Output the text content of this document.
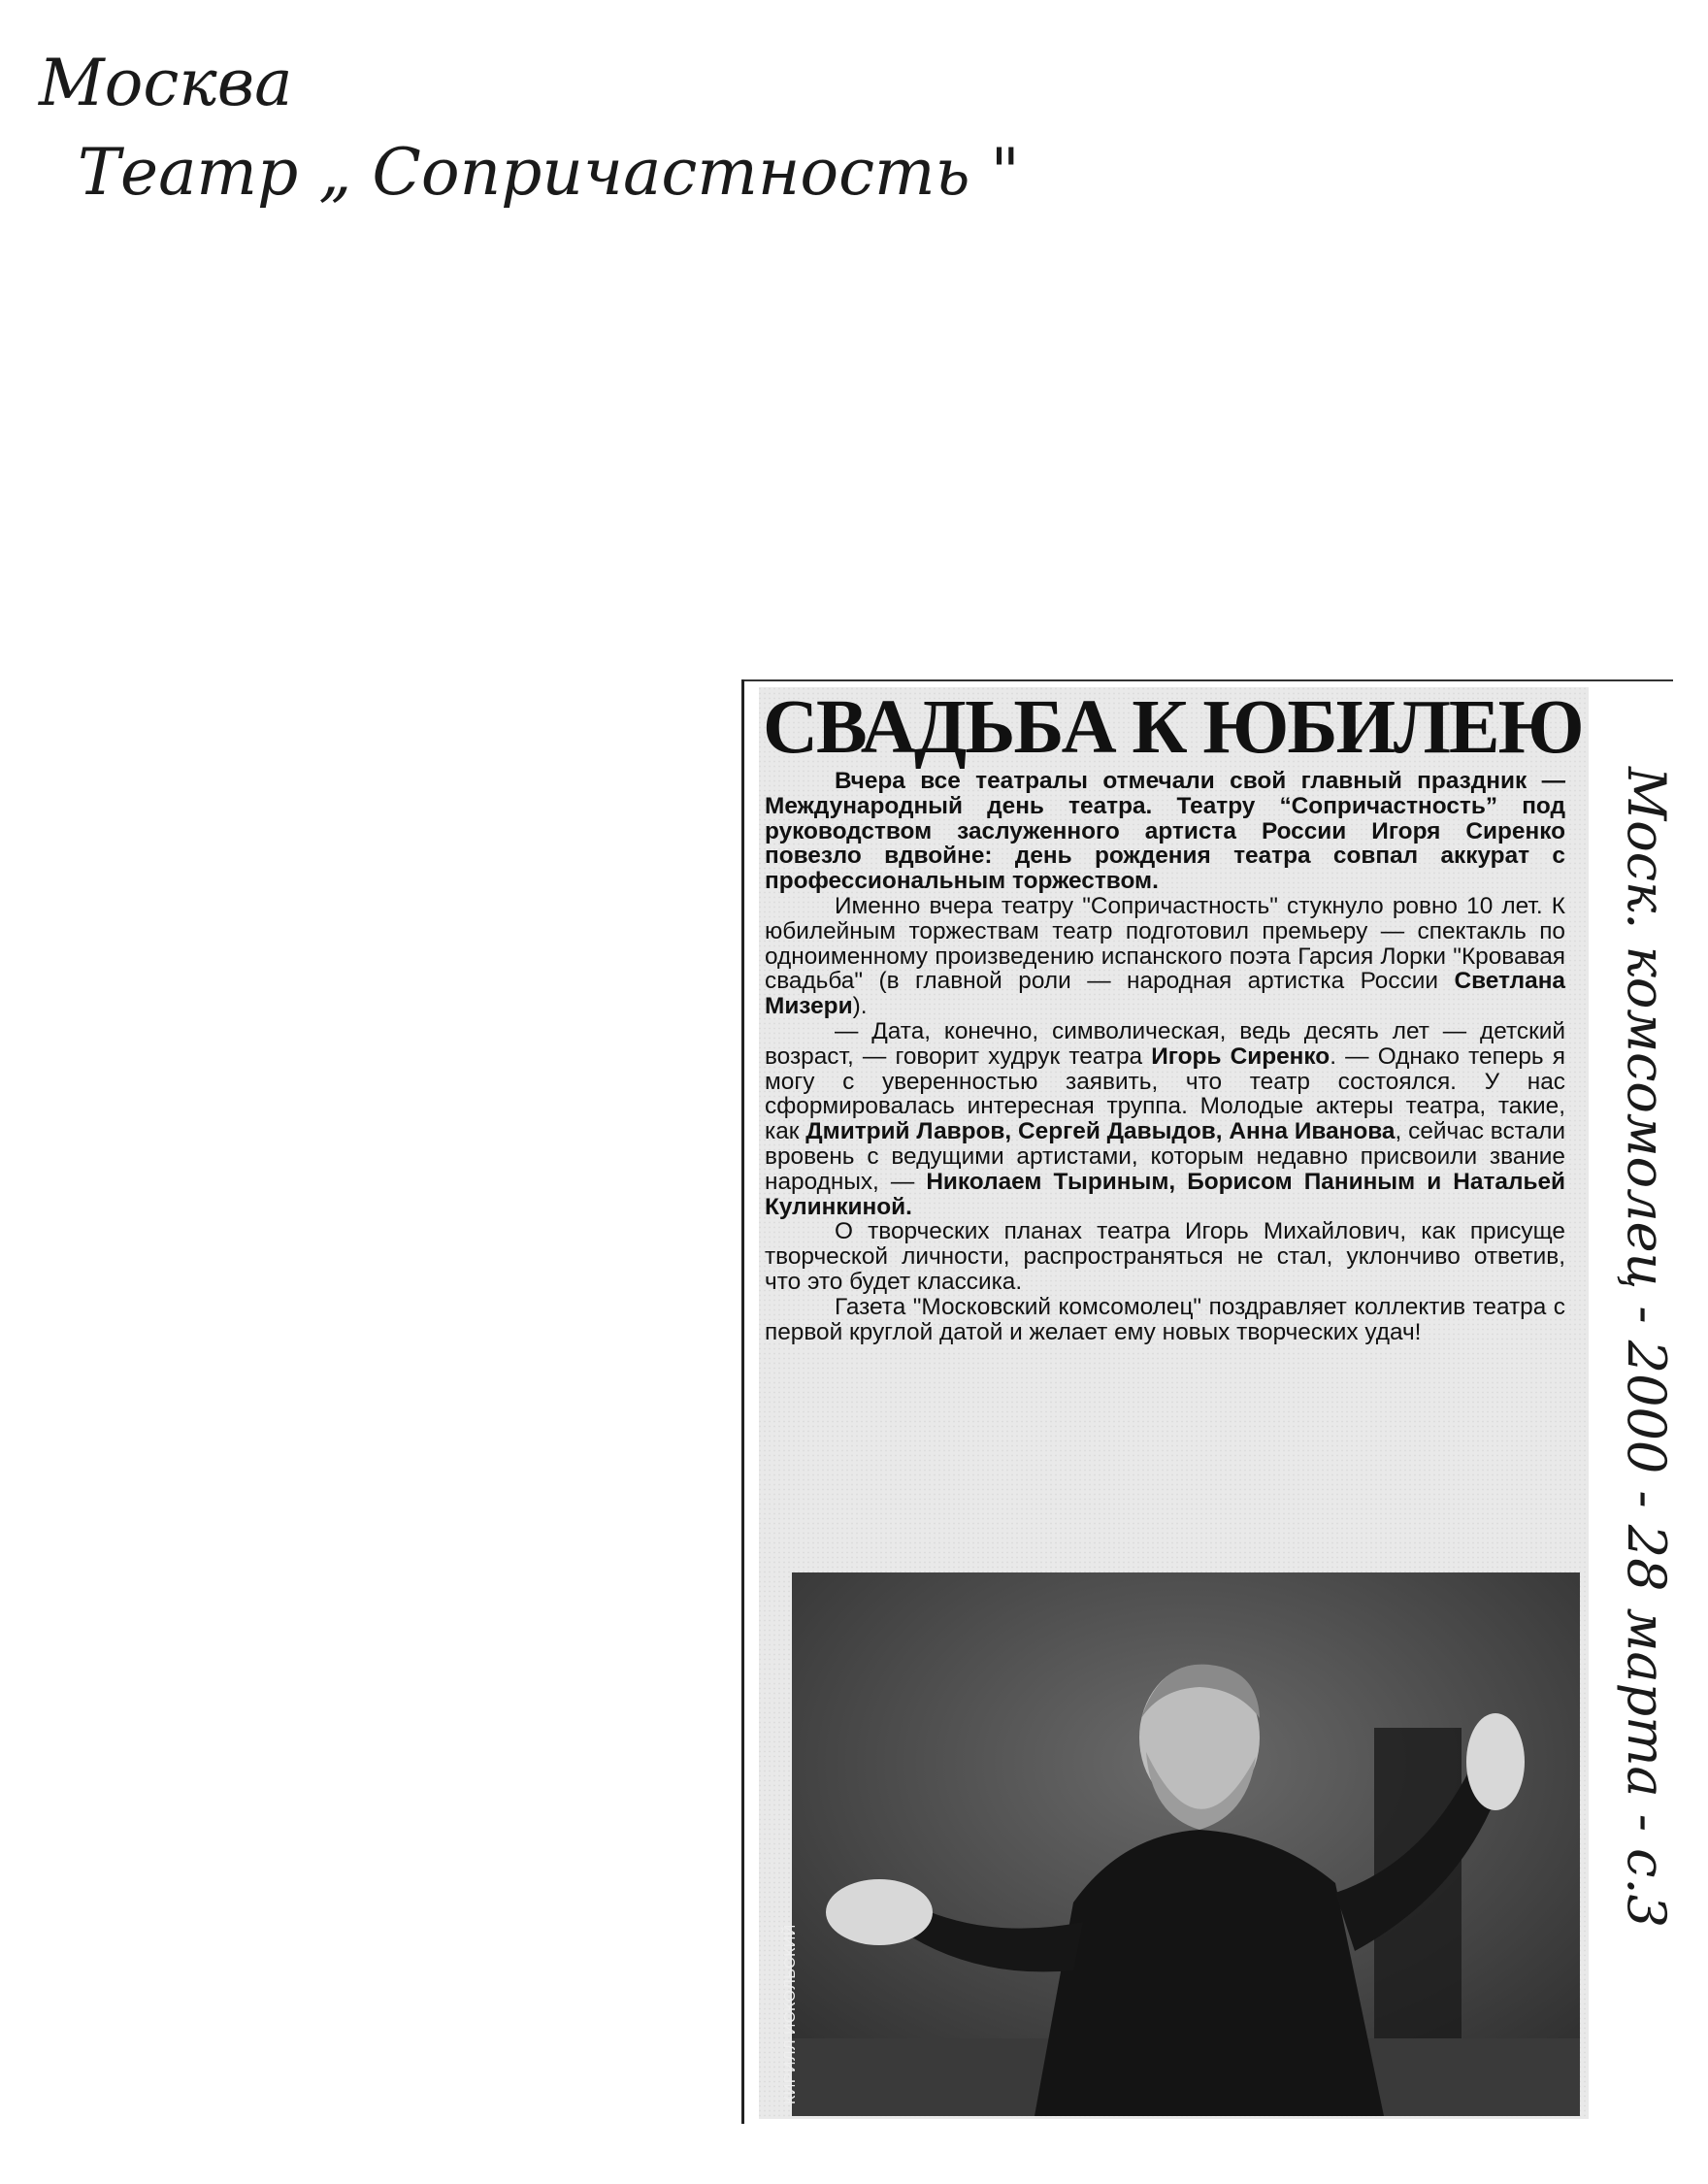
Москва
Театр „ Сопричастность "
СВАДЬБА К ЮБИЛЕЮ

Вчера все театралы отмечали свой главный праздник — Международный день театра. Театру “Сопричастность” под руководством заслуженного артиста России Игоря Сиренко повезло вдвойне: день рождения театра совпал аккурат с профессиональным торжеством.

Именно вчера театру "Сопричастность" стукнуло ровно 10 лет. К юбилейным торжествам театр подготовил премьеру — спектакль по одноименному произведению испанского поэта Гарсия Лорки "Кровавая свадьба" (в главной роли — народная артистка России Светлана Мизери).

— Дата, конечно, символическая, ведь десять лет — детский возраст, — говорит худрук театра Игорь Сиренко. — Однако теперь я могу с уверенностью заявить, что театр состоялся. У нас сформировалась интересная труппа. Молодые актеры театра, такие, как Дмитрий Лавров, Сергей Давыдов, Анна Иванова, сейчас встали вровень с ведущими артистами, которым недавно присвоили звание народных, — Николаем Тыриным, Борисом Паниным и Натальей Кулинкиной.

О творческих планах театра Игорь Михайлович, как присуще творческой личности, распространяться не стал, уклончиво ответив, что это будет классика.

Газета "Московский комсомолец" поздравляет коллектив театра с первой круглой датой и желает ему новых творческих удач!

КИРИЛЛ ИСКОЛЬСКИЙ
Моск. комсомолец - 2000 - 28 марта - с.3
